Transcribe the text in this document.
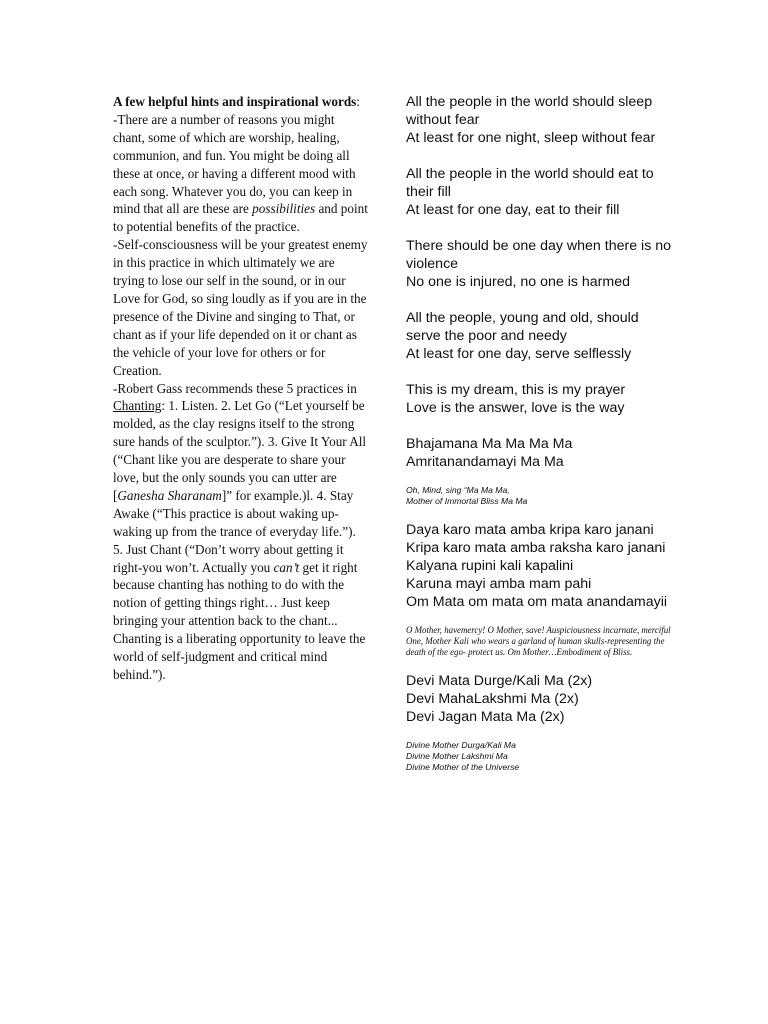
A few helpful hints and inspirational words:

-There are a number of reasons you might chant, some of which are worship, healing, communion, and fun. You might be doing all these at once, or having a different mood with each song. Whatever you do, you can keep in mind that all are these are possibilities and point to potential benefits of the practice.

-Self-consciousness will be your greatest enemy in this practice in which ultimately we are trying to lose our self in the sound, or in our Love for God, so sing loudly as if you are in the presence of the Divine and singing to That, or chant as if your life depended on it or chant as the vehicle of your love for others or for Creation.

-Robert Gass recommends these 5 practices in Chanting: 1. Listen. 2. Let Go (“Let yourself be molded, as the clay resigns itself to the strong sure hands of the sculptor.”). 3. Give It Your All (“Chant like you are desperate to share your love, but the only sounds you can utter are [Ganesha Sharanam]” for example.)l. 4. Stay Awake (“This practice is about waking up-waking up from the trance of everyday life.”). 5. Just Chant (“Don’t worry about getting it right-you won’t. Actually you can’t get it right because chanting has nothing to do with the notion of getting things right… Just keep bringing your attention back to the chant... Chanting is a liberating opportunity to leave the world of self-judgment and critical mind behind.”).

All the people in the world should sleep without fear
At least for one night, sleep without fear
All the people in the world should eat to their fill
At least for one day, eat to their fill
There should be one day when there is no violence
No one is injured, no one is harmed
All the people, young and old, should serve the poor and needy
At least for one day, serve selflessly
This is my dream, this is my prayer
Love is the answer, love is the way
Bhajamana Ma Ma Ma Ma
Amritanandamayi Ma Ma
Oh, Mind, sing “Ma Ma Ma,
Mother of Immortal Bliss Ma Ma
Daya karo mata amba kripa karo janani
Kripa karo mata amba raksha karo janani
Kalyana rupini kali kapalini
Karuna mayi amba mam pahi
Om Mata om mata om mata anandamayii
O Mother, havemercy! O Mother, save! Auspiciousness incarnate, merciful One, Mother Kali who wears a garland of human skulls-representing the death of the ego- protect us. Om Mother…Embodiment of Bliss.
Devi Mata Durge/Kali Ma (2x)
Devi MahaLakshmi Ma (2x)
Devi Jagan Mata Ma (2x)
Divine Mother Durga/Kali Ma
Divine Mother Lakshmi Ma
Divine Mother of the Universe
